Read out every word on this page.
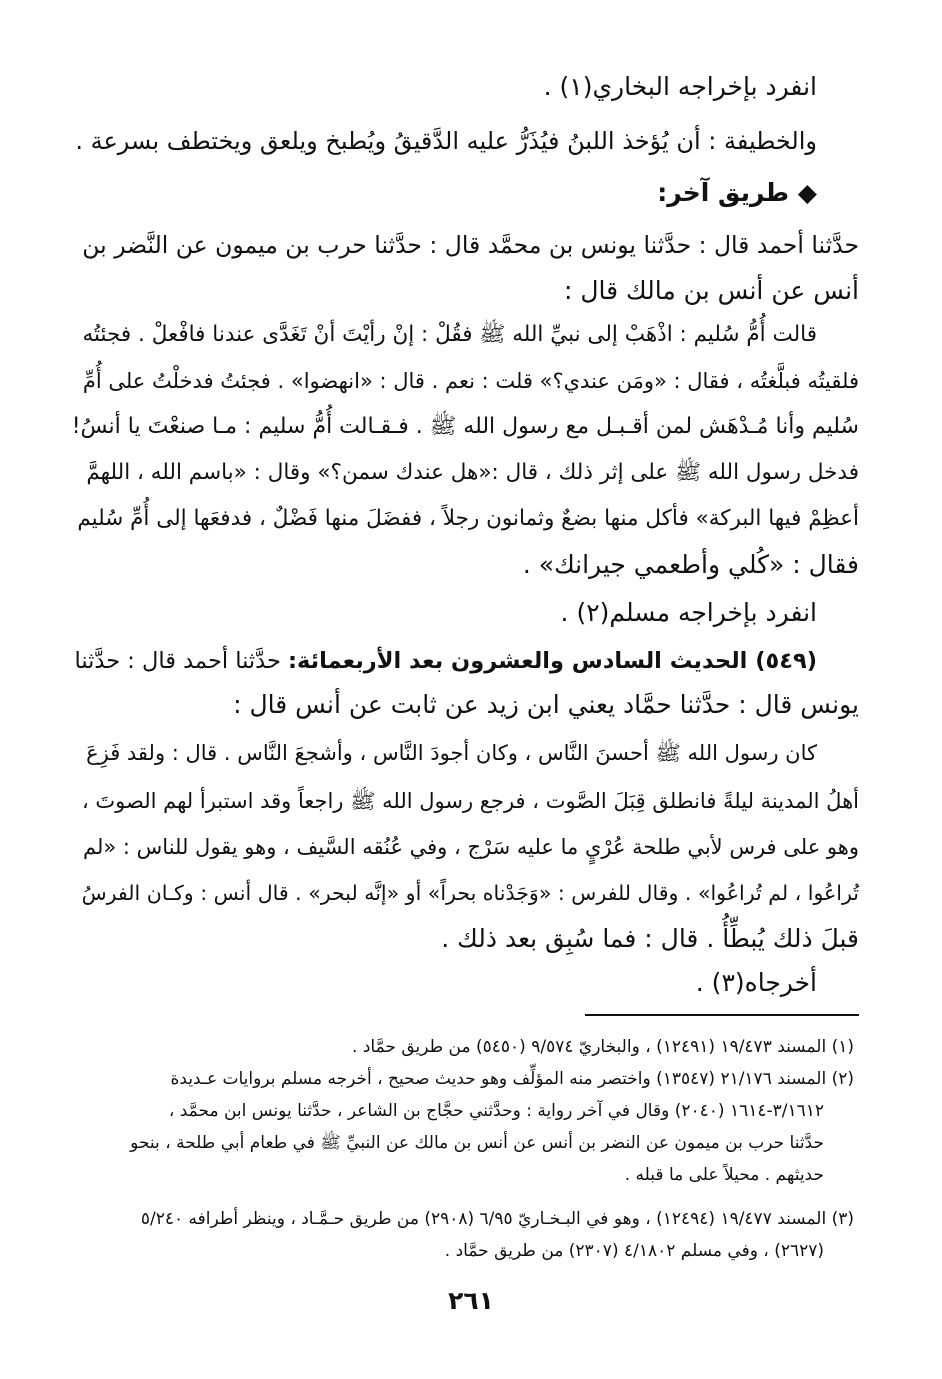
انفرد بإخراجه البخاري(١) .
والخطيفة : أن يُؤخذ اللبنُ فيُذَرُّ عليه الدَّقيقُ ويُطبخ ويلعق ويختطف بسرعة .
◆ طريق آخر:
حدَّثنا أحمد قال : حدَّثنا يونس بن محمَّد قال : حدَّثنا حرب بن ميمون عن النَّضر بن
أنس عن أنس بن مالك قال :
قالت أُمُّ سُليم : اذْهَبْ إلى نبيِّ الله ﷺ فقُلْ : إنْ رأيْتَ أنْ تَغَدَّى عندنا فافْعلْ . فجئتُه
فلقيتُه فبلَّغتُه ، فقال : «ومَن عندي؟» قلت : نعم . قال : «انهضوا» . فجئتُ فدخلْتُ على أُمِّ
سُليم وأنا مُـدْهَش لمن أقـبـل مع رسول الله ﷺ . فـقـالت أُمُّ سليم : مـا صنعْتَ يا أنسُ!
فدخل رسول الله ﷺ على إثر ذلك ، قال :«هل عندك سمن؟» وقال : «باسم الله ، اللهمَّ
أعظِمْ فيها البركة» فأكل منها بضعٌ وثمانون رجلاً ، ففضَلَ منها فَضْلٌ ، فدفعَها إلى أُمِّ سُليم
فقال : «كُلي وأطعمي جيرانك» .
انفرد بإخراجه مسلم(٢) .
(٥٤٩) الحديث السادس والعشرون بعد الأربعمائة: حدَّثنا أحمد قال : حدَّثنا
يونس قال : حدَّثنا حمَّاد يعني ابن زيد عن ثابت عن أنس قال :
كان رسول الله ﷺ أحسنَ النَّاس ، وكان أجودَ النَّاس ، وأشجعَ النَّاس . قال : ولقد فَزِعَ
أهلُ المدينة ليلةً فانطلق قِبَلَ الصَّوت ، فرجع رسول الله ﷺ راجعاً وقد استبرأ لهم الصوتَ ،
وهو على فرس لأبي طلحة عُرْيٍ ما عليه سَرْج ، وفي عُنُقه السَّيف ، وهو يقول للناس : «لم
تُراعُوا ، لم تُراعُوا» . وقال للفرس : «وَجَدْناه بحراً» أو «إنَّه لبحر» . قال أنس : وكـان الفرسُ
قبلَ ذلك يُبطِّأُ . قال : فما سُبِق بعد ذلك .
أخرجاه(٣) .
(١) المسند ١٩/٤٧٣ (١٢٤٩١) ، والبخاريّ ٩/٥٧٤ (٥٤٥٠) من طريق حمَّاد .
(٢) المسند ٢١/١٧٦ (١٣٥٤٧) واختصر منه المؤلِّف وهو حديث صحيح ، أخرجه مسلم بروايات عـديدة
٣/١٦١٢-١٦١٤ (٢٠٤٠) وقال في آخر رواية : وحدَّثني حجَّاج بن الشاعر ، حدَّثنا يونس ابن محمَّد ،
حدَّثنا حرب بن ميمون عن النضر بن أنس عن أنس بن مالك عن النبيِّ ﷺ في طعام أبي طلحة ، بنحو
حديثهم . محيلاً على ما قبله .
(٣) المسند ١٩/٤٧٧ (١٢٤٩٤) ، وهو في البـخـاريّ ٦/٩٥ (٢٩٠٨) من طريق حـمَّـاد ، وينظر أطرافه ٥/٢٤٠
(٢٦٢٧) ، وفي مسلم ٤/١٨٠٢ (٢٣٠٧) من طريق حمَّاد .
٢٦١
